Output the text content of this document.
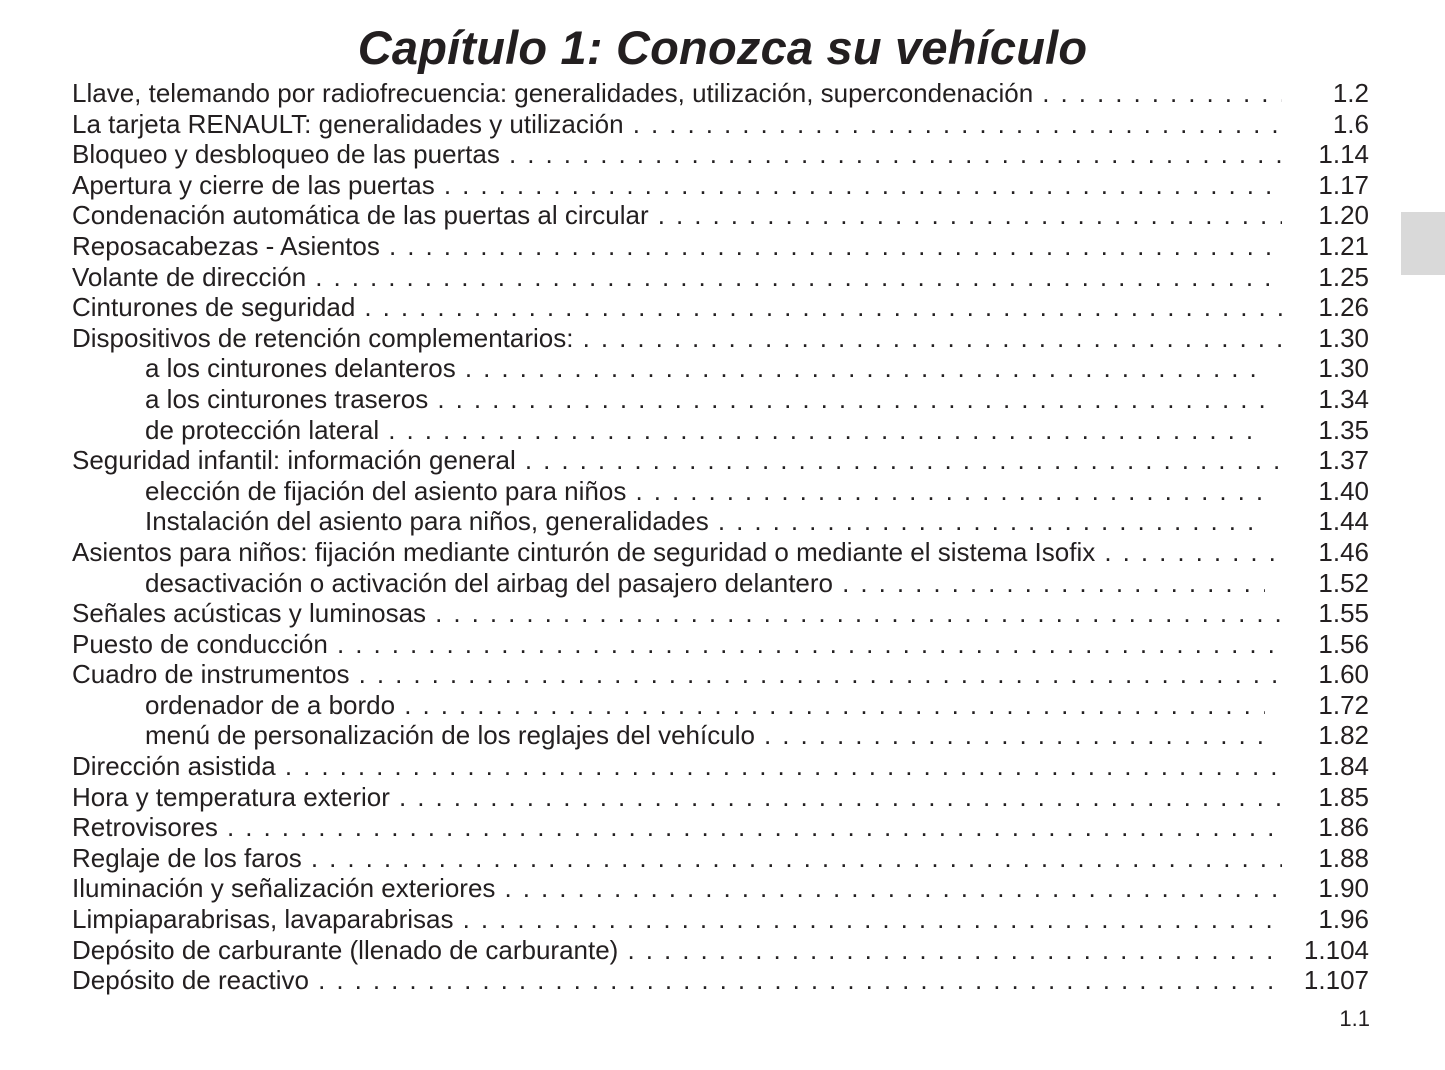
Capítulo 1: Conozca su vehículo
Llave, telemando por radiofrecuencia: generalidades, utilización, supercondenación . . .	1.2
La tarjeta RENAULT: generalidades y utilización . . .	1.6
Bloqueo y desbloqueo de las puertas . . .	1.14
Apertura y cierre de las puertas . . .	1.17
Condenación automática de las puertas al circular . . .	1.20
Reposacabezas - Asientos . . .	1.21
Volante de dirección . . .	1.25
Cinturones de seguridad . . .	1.26
Dispositivos de retención complementarios: . . .	1.30
a los cinturones delanteros . . .	1.30
a los cinturones traseros . . .	1.34
de protección lateral . . .	1.35
Seguridad infantil: información general . . .	1.37
elección de fijación del asiento para niños . . .	1.40
Instalación del asiento para niños, generalidades . . .	1.44
Asientos para niños: fijación mediante cinturón de seguridad o mediante el sistema Isofix . . .	1.46
desactivación o activación del airbag del pasajero delantero . . .	1.52
Señales acústicas y luminosas . . .	1.55
Puesto de conducción . . .	1.56
Cuadro de instrumentos . . .	1.60
ordenador de a bordo . . .	1.72
menú de personalización de los reglajes del vehículo . . .	1.82
Dirección asistida . . .	1.84
Hora y temperatura exterior . . .	1.85
Retrovisores . . .	1.86
Reglaje de los faros . . .	1.88
Iluminación y señalización exteriores . . .	1.90
Limpiaparabrisas, lavaparabrisas . . .	1.96
Depósito de carburante (llenado de carburante) . . .	1.104
Depósito de reactivo . . .	1.107
1.1
